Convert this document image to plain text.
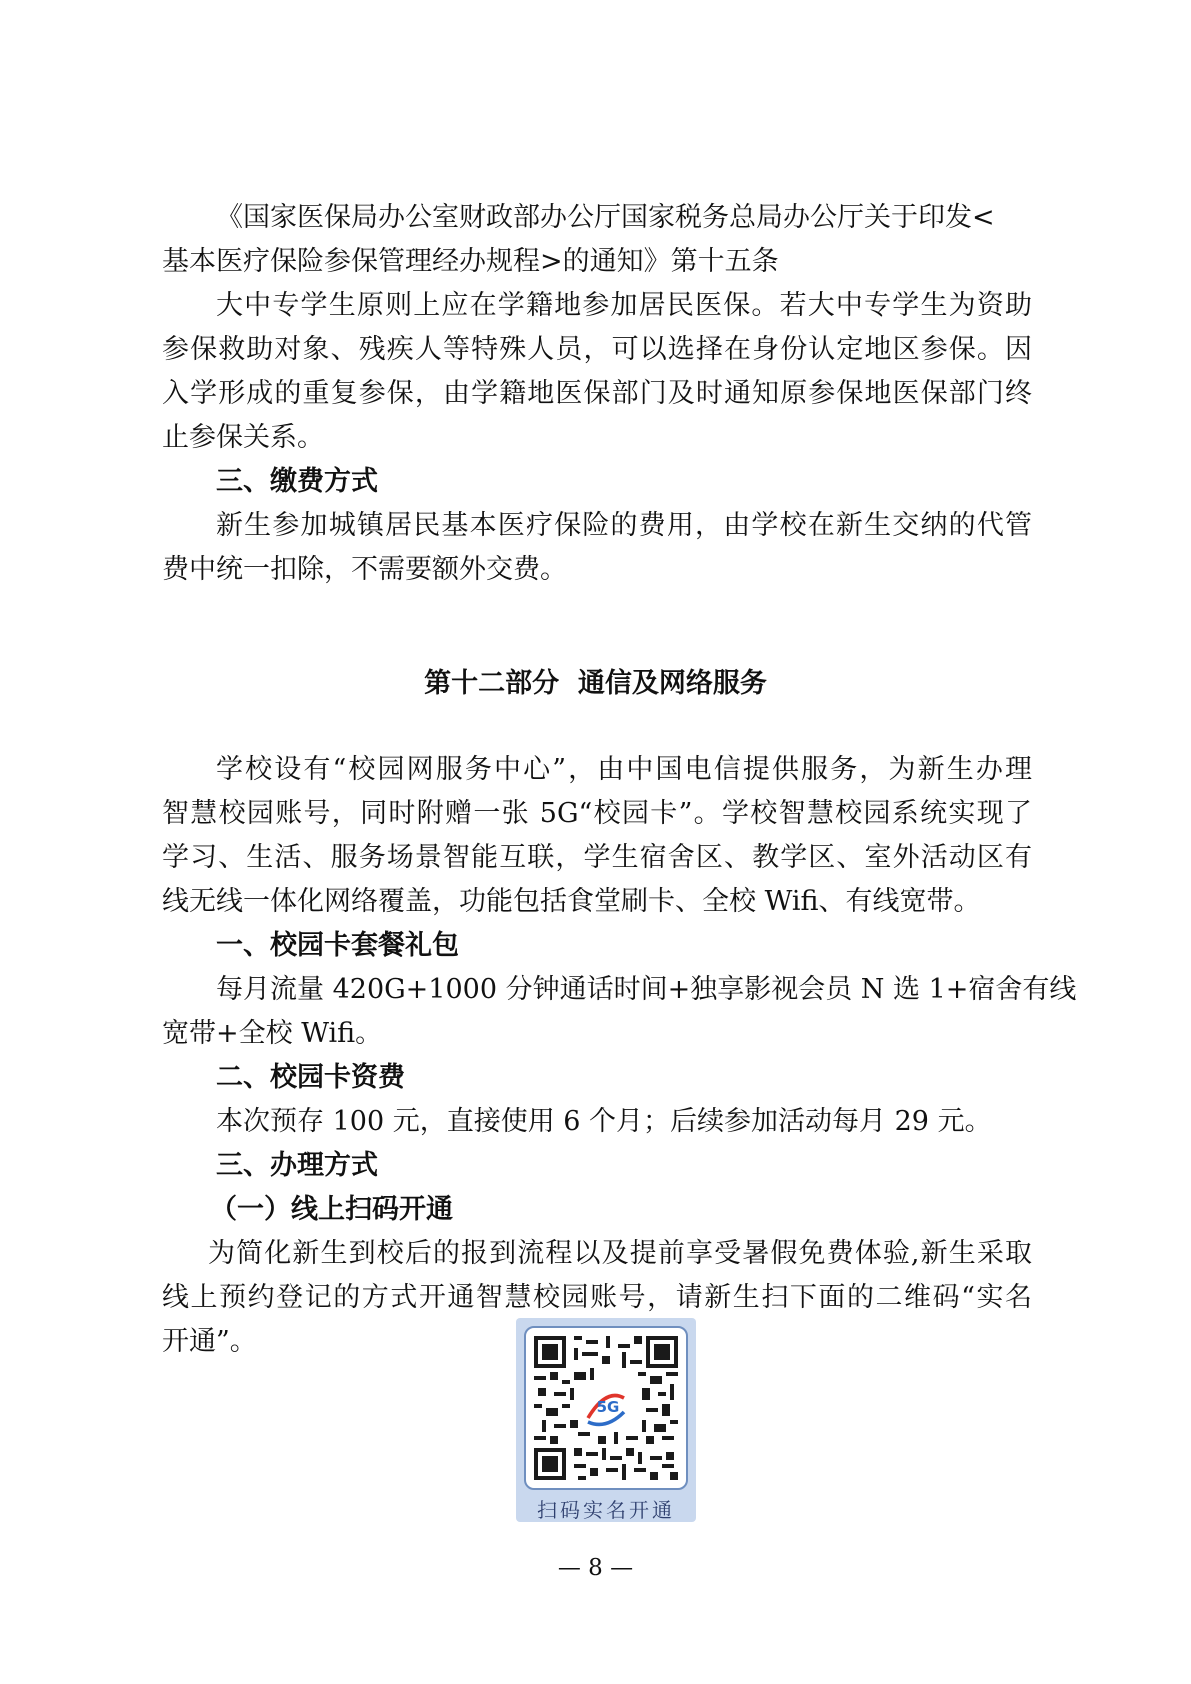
《国家医保局办公室财政部办公厅国家税务总局办公厅关于印发<
基本医疗保险参保管理经办规程>的通知》第十五条
大中专学生原则上应在学籍地参加居民医保。若大中专学生为资助
参保救助对象、残疾人等特殊人员，可以选择在身份认定地区参保。因
入学形成的重复参保，由学籍地医保部门及时通知原参保地医保部门终
止参保关系。
三、缴费方式
新生参加城镇居民基本医疗保险的费用，由学校在新生交纳的代管
费中统一扣除，不需要额外交费。
第十二部分  通信及网络服务
学校设有“校园网服务中心”，由中国电信提供服务，为新生办理
智慧校园账号，同时附赠一张 5G“校园卡”。学校智慧校园系统实现了
学习、生活、服务场景智能互联，学生宿舍区、教学区、室外活动区有
线无线一体化网络覆盖，功能包括食堂刷卡、全校 Wifi、有线宽带。
一、校园卡套餐礼包
每月流量 420G+1000 分钟通话时间+独享影视会员 N 选 1+宿舍有线
宽带+全校 Wifi。
二、校园卡资费
本次预存 100 元，直接使用 6 个月；后续参加活动每月 29 元。
三、办理方式
（一）线上扫码开通
为简化新生到校后的报到流程以及提前享受暑假免费体验,新生采取
线上预约登记的方式开通智慧校园账号，请新生扫下面的二维码“实名
开通”。
5G
扫码实名开通
— 8 —
